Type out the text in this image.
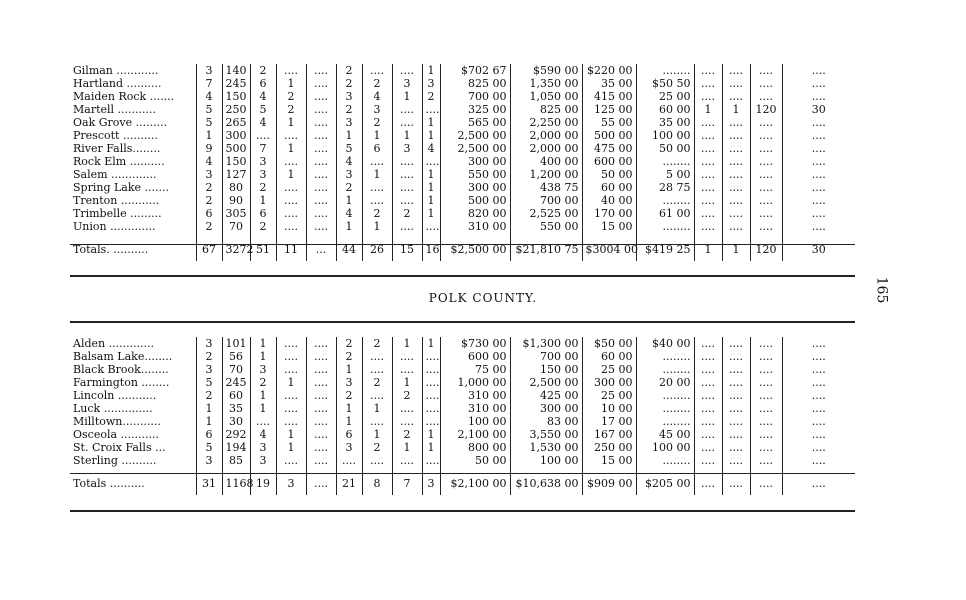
Gilman ............	3	140	2	....	....	2	....	....	1	$702 67	$590 00	$220 00	........	....	....	....	....
Hartland ..........	7	245	6	1	....	2	2	3	3	825 00	1,350 00	35 00	$50 50	....	....	....	....
Maiden Rock .......	4	150	4	2	....	3	4	1	2	700 00	1,050 00	415 00	25 00	....	....	....	....
Martell ...........	5	250	5	2	....	2	3	....	....	325 00	825 00	125 00	60 00	1	1	120	30
Oak Grove .........	5	265	4	1	....	3	2	....	1	565 00	2,250 00	55 00	35 00	....	....	....	....
Prescott ..........	1	300	....	....	....	1	1	1	1	2,500 00	2,000 00	500 00	100 00	....	....	....	....
River Falls........	9	500	7	1	....	5	6	3	4	2,500 00	2,000 00	475 00	50 00	....	....	....	....
Rock Elm ..........	4	150	3	....	....	4	....	....	....	300 00	400 00	600 00	........	....	....	....	....
Salem .............	3	127	3	1	....	3	1	....	1	550 00	1,200 00	50 00	5 00	....	....	....	....
Spring Lake .......	2	80	2	....	....	2	....	....	1	300 00	438 75	60 00	28 75	....	....	....	....
Trenton ...........	2	90	1	....	....	1	....	....	1	500 00	700 00	40 00	........	....	....	....	....
Trimbelle .........	6	305	6	....	....	4	2	2	1	820 00	2,525 00	170 00	61 00	....	....	....	....
Union .............	2	70	2	....	....	1	1	....	....	310 00	550 00	15 00	........	....	....	....	....
Totals. ..........	67	3272	51	11	...	44	26	15	16	$2,500 00	$21,810 75	$3004 00	$419 25	1	1	120	30
POLK COUNTY.	165
Alden .............	3	101	1	....	....	2	2	1	1	$730 00	$1,300 00	$50 00	$40 00	....	....	....	....
Balsam Lake........	2	56	1	....	....	2	....	....	....	600 00	700 00	60 00	........	....	....	....	....
Black Brook........	3	70	3	....	....	1	....	....	....	75 00	150 00	25 00	........	....	....	....	....
Farmington ........	5	245	2	1	....	3	2	1	....	1,000 00	2,500 00	300 00	20 00	....	....	....	....
Lincoln ...........	2	60	1	....	....	2	....	2	....	310 00	425 00	25 00	........	....	....	....	....
Luck ..............	1	35	1	....	....	1	1	....	....	310 00	300 00	10 00	........	....	....	....	....
Milltown...........	1	30	....	....	....	1	....	....	....	100 00	83 00	17 00	........	....	....	....	....
Osceola ...........	6	292	4	1	....	6	1	2	1	2,100 00	3,550 00	167 00	45 00	....	....	....	....
St. Croix Falls ...	5	194	3	1	....	3	2	1	1	800 00	1,530 00	250 00	100 00	....	....	....	....
Sterling ..........	3	85	3	....	....	....	....	....	....	50 00	100 00	15 00	........	....	....	....	....
Totals ..........	31	1168	19	3	....	21	8	7	3	$2,100 00	$10,638 00	$909 00	$205 00	....	....	....	....
